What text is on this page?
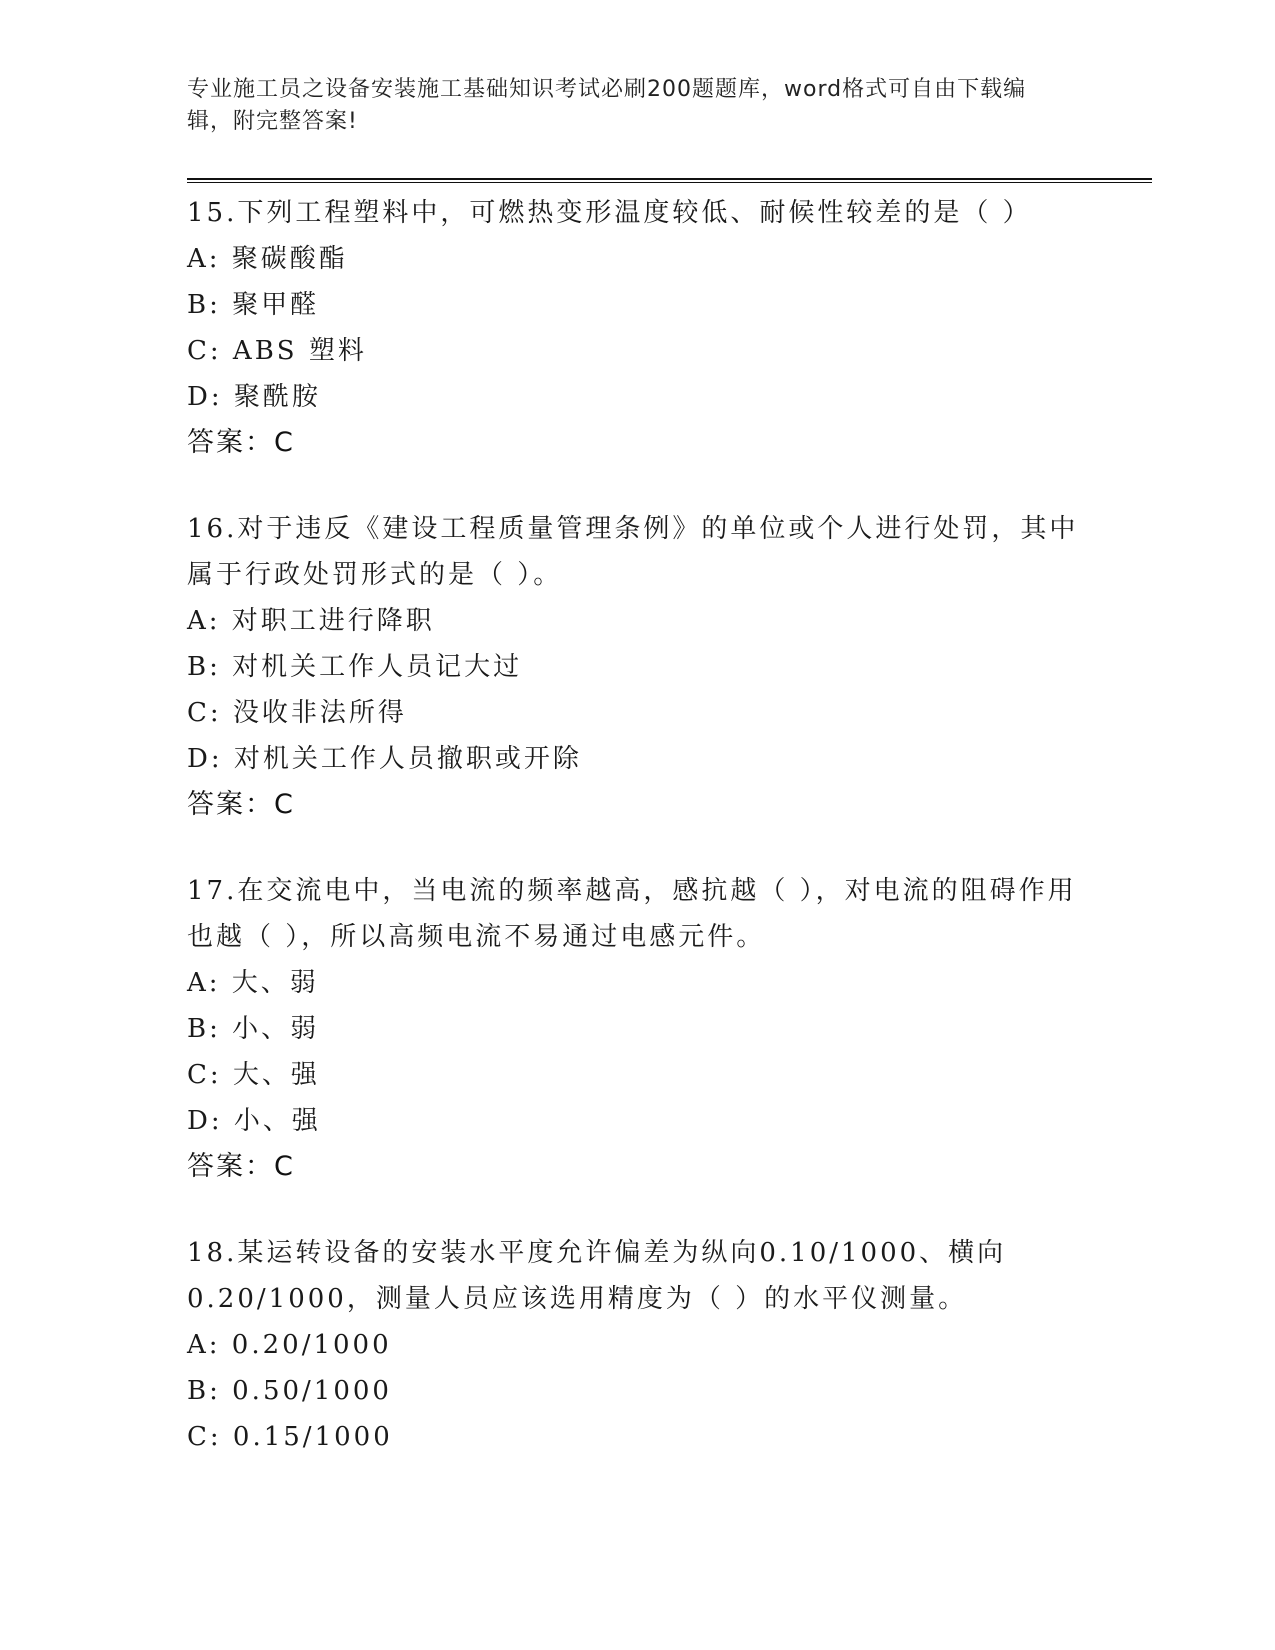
专业施工员之设备安装施工基础知识考试必刷200题题库，word格式可自由下载编辑，附完整答案!
15.下列工程塑料中，可燃热变形温度较低、耐候性较差的是（ ）
A: 聚碳酸酯
B: 聚甲醛
C: ABS 塑料
D: 聚酰胺
答案：C
16.对于违反《建设工程质量管理条例》的单位或个人进行处罚，其中属于行政处罚形式的是（ ）。
A: 对职工进行降职
B: 对机关工作人员记大过
C: 没收非法所得
D: 对机关工作人员撤职或开除
答案：C
17.在交流电中，当电流的频率越高，感抗越（ ），对电流的阻碍作用也越（ ），所以高频电流不易通过电感元件。
A: 大、弱
B: 小、弱
C: 大、强
D: 小、强
答案：C
18.某运转设备的安装水平度允许偏差为纵向0.10/1000、横向0.20/1000，测量人员应该选用精度为（ ）的水平仪测量。
A: 0.20/1000
B: 0.50/1000
C: 0.15/1000
